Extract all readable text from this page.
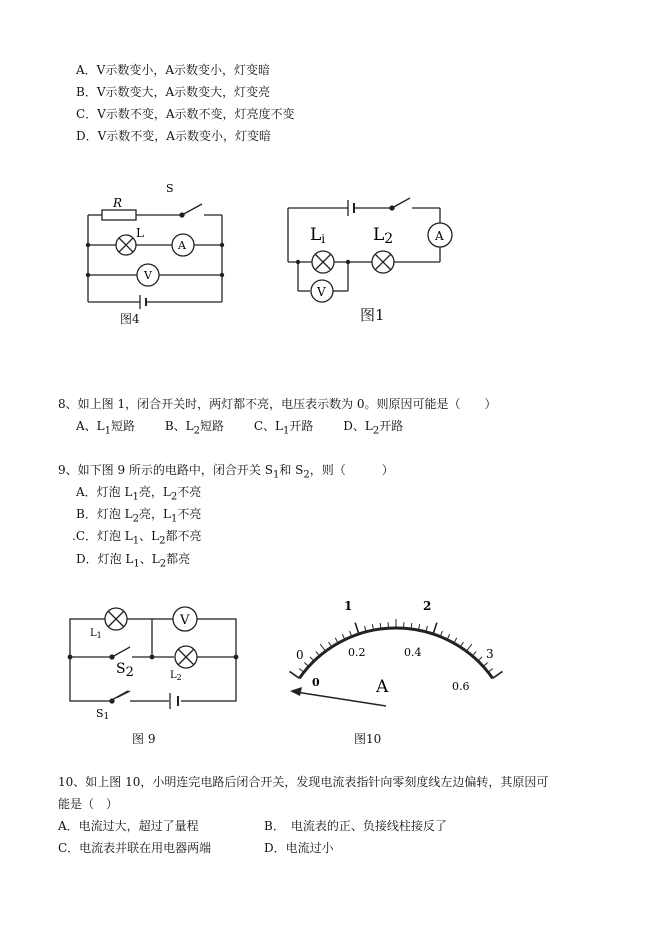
A．V示数变小，A示数变小，灯变暗
B．V示数变大，A示数变大，灯变亮
C．V示数不变，A示数不变，灯亮度不变
D．V示数不变，A示数变小，灯变暗
R
S
L
A
V
图4
Li	L2	A
V
图1
8、如上图 1，闭合开关时，两灯都不亮，电压表示数为 0。则原因可能是（　　）
A、$L_1$短路 B、$L_2$短路 C、$L_1$开路 D、$L_2$开路
9、如下图 9 所示的电路中，闭合开关 $S_1$和 $S_2$，则（　　　）
A．灯泡 $L_1$亮，$L_2$不亮
B．灯泡 $L_2$亮，$L_1$不亮
.C．灯泡 $L_1$、$L_2$都不亮
D．灯泡 $L_1$、$L_2$都亮
$L_1$
V
S2	$L_2$
S1
图 9
0
1	2
3
0
0.2	0.4
0.6
A
图10
10、如上图 10，小明连完电路后闭合开关，发现电流表指针向零刻度线左边偏转，其原因可
能是（　）
A．电流过大，超过了量程	B．　电流表的正、负接线柱接反了
C．电流表并联在用电器两端	D．电流过小
